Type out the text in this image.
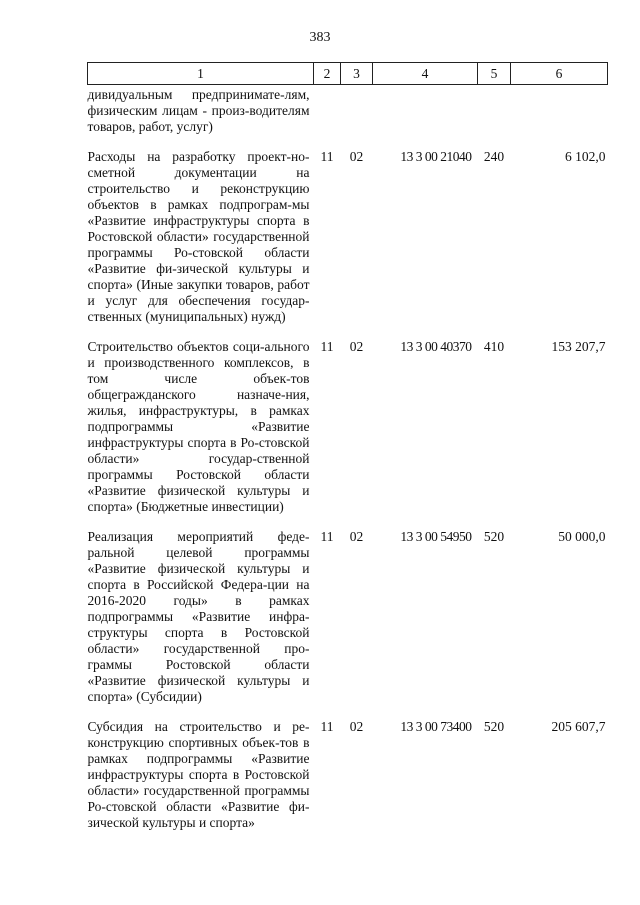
383
1	2	3	4	5	6
дивидуальным предпринимате-лям, физическим лицам - произ-водителям товаров, работ, услуг)					
Расходы на разработку проект-но-сметной документации на строительство и реконструкцию объектов в рамках подпрограм-мы «Развитие инфраструктуры спорта в Ростовской области» государственной программы Ро-стовской области «Развитие фи-зической культуры и спорта» (Иные закупки товаров, работ и услуг для обеспечения государ-ственных (муниципальных) нужд)	11	02	13 3 00 21040	240	6 102,0
Строительство объектов соци-ального и производственного комплексов, в том числе объек-тов общегражданского назначе-ния, жилья, инфраструктуры, в рамках подпрограммы «Развитие инфраструктуры спорта в Ро-стовской области» государ-ственной программы Ростовской области «Развитие физической культуры и спорта» (Бюджетные инвестиции)	11	02	13 3 00 40370	410	153 207,7
Реализация мероприятий феде-ральной целевой программы «Развитие физической культуры и спорта в Российской Федера-ции на 2016-2020 годы» в рамках подпрограммы «Развитие инфра-структуры спорта в Ростовской области» государственной про-граммы Ростовской области «Развитие физической культуры и спорта» (Субсидии)	11	02	13 3 00 54950	520	50 000,0
Субсидия на строительство и ре-конструкцию спортивных объек-тов в рамках подпрограммы «Развитие инфраструктуры спорта в Ростовской области» государственной программы Ро-стовской области «Развитие фи-зической культуры и спорта»	11	02	13 3 00 73400	520	205 607,7
